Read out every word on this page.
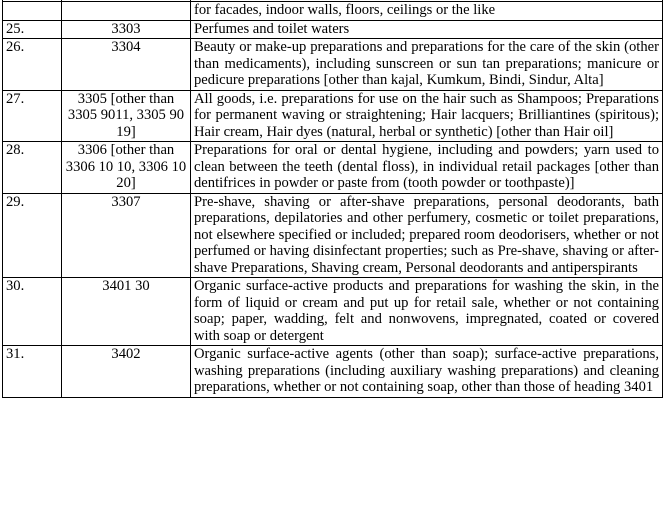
		for facades, indoor walls, floors, ceilings or the like
25.	3303	Perfumes and toilet waters
26.	3304	Beauty or make-up preparations and preparations for the care of the skin (other than medicaments), including sunscreen or sun tan preparations; manicure or pedicure preparations [other than kajal, Kumkum, Bindi, Sindur, Alta]
27.	3305 [other than 3305 9011, 3305 90 19]	All goods, i.e. preparations for use on the hair such as Shampoos; Preparations for permanent waving or straightening; Hair lacquers; Brilliantines (spiritous); Hair cream, Hair dyes (natural, herbal or synthetic) [other than Hair oil]
28.	3306 [other than 3306 10 10, 3306 10 20]	Preparations for oral or dental hygiene, including and powders; yarn used to clean between the teeth (dental floss), in individual retail packages [other than dentifrices in powder or paste from (tooth powder or toothpaste)]
29.	3307	Pre-shave, shaving or after-shave preparations, personal deodorants, bath preparations, depilatories and other perfumery, cosmetic or toilet preparations, not elsewhere specified or included; prepared room deodorisers, whether or not perfumed or having disinfectant properties; such as Pre-shave, shaving or after-shave Preparations, Shaving cream, Personal deodorants and antiperspirants
30.	3401 30	Organic surface-active products and preparations for washing the skin, in the form of liquid or cream and put up for retail sale, whether or not containing soap; paper, wadding, felt and nonwovens, impregnated, coated or covered with soap or detergent
31.	3402	Organic surface-active agents (other than soap); surface-active preparations, washing preparations (including auxiliary washing preparations) and cleaning preparations, whether or not containing soap, other than those of heading 3401
